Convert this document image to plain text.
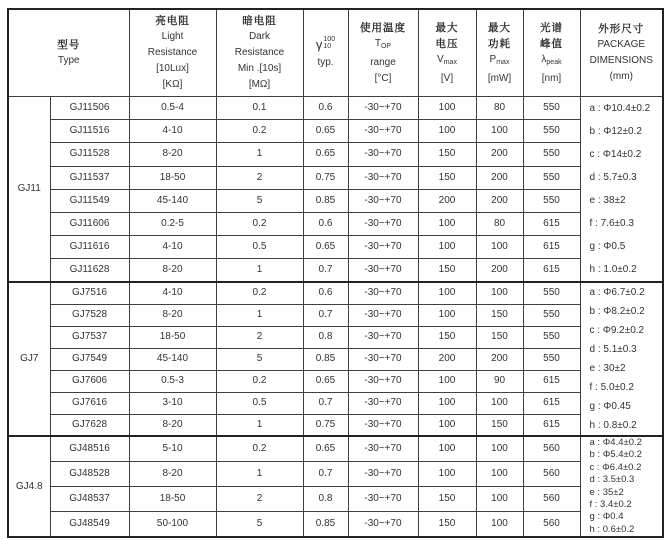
型号
Type

亮电阻
Light
Resistance
[10Lux]
[KΩ]

暗电阻
Dark
Resistance
Min .[10s]
[MΩ]

γ 100
10
typ.

使用温度
$T_{OP}$
range
[°C]

最大
电压
$V_{max}$
[V]

最大
功耗
$P_{max}$
[mW]

光谱
峰值
$\lambda_{peak}$
[nm]

外形尺寸
PACKAGE
DIMENSIONS
(mm)

GJ11	GJ11506	0.5-4	0.1	0.6	-30~+70	100	80	550	a : Φ10.4±0.2
b : Φ12±0.2
c : Φ14±0.2
d : 5.7±0.3
e : 38±2
f : 7.6±0.3
g : Φ0.5
h : 1.0±0.2

	GJ11516	4-10	0.2	0.65	-30~+70	100	100	550	
	GJ11528	8-20	1	0.65	-30~+70	150	200	550	
	GJ11537	18-50	2	0.75	-30~+70	150	200	550	
	GJ11549	45-140	5	0.85	-30~+70	200	200	550	
	GJ11606	0.2-5	0.2	0.6	-30~+70	100	80	615	
	GJ11616	4-10	0.5	0.65	-30~+70	100	100	615	
	GJ11628	8-20	1	0.7	-30~+70	150	200	615	
GJ7	GJ7516	4-10	0.2	0.6	-30~+70	100	100	550	a : Φ6.7±0.2
b : Φ8.2±0.2
c : Φ9.2±0.2
d : 5.1±0.3
e : 30±2
f : 5.0±0.2
g : Φ0.45
h : 0.8±0.2

	GJ7528	8-20	1	0.7	-30~+70	100	150	550	
	GJ7537	18-50	2	0.8	-30~+70	150	150	550	
	GJ7549	45-140	5	0.85	-30~+70	200	200	550	
	GJ7606	0.5-3	0.2	0.65	-30~+70	100	90	615	
	GJ7616	3-10	0.5	0.7	-30~+70	100	100	615	
	GJ7628	8-20	1	0.75	-30~+70	100	150	615	
GJ4.8	GJ48516	5-10	0.2	0.65	-30~+70	100	100	560	
a : Φ4.4±0.2
b : Φ5.4±0.2
c : Φ6.4±0.2
d : 3.5±0.3
e : 35±2
f : 3.4±0.2
g : Φ0.4
h : 0.6±0.2

	GJ48528	8-20	1	0.7	-30~+70	100	100	560	
	GJ48537	18-50	2	0.8	-30~+70	150	100	560	
	GJ48549	50-100	5	0.85	-30~+70	150	100	560	
